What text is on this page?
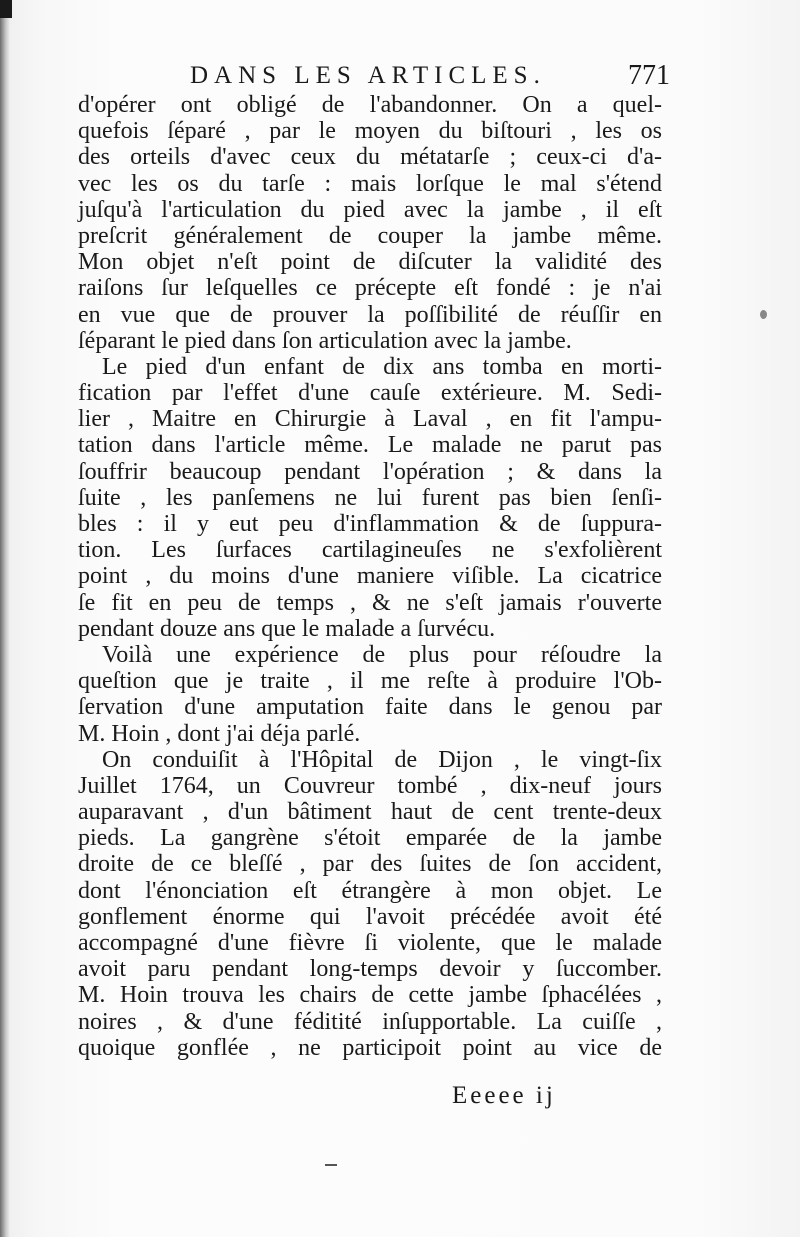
DANS LES ARTICLES.	771
d'opérer ont obligé de l'abandonner. On a quel-
quefois ſéparé , par le moyen du biſtouri , les os
des orteils d'avec ceux du métatarſe ; ceux-ci d'a-
vec les os du tarſe : mais lorſque le mal s'étend
juſqu'à l'articulation du pied avec la jambe , il eſt
preſcrit généralement de couper la jambe même.
Mon objet n'eſt point de diſcuter la validité des
raiſons ſur leſquelles ce précepte eſt fondé : je n'ai
en vue que de prouver la poſſibilité de réuſſir en
ſéparant le pied dans ſon articulation avec la jambe.
Le pied d'un enfant de dix ans tomba en morti-
fication par l'effet d'une cauſe extérieure. M. Sedi-
lier , Maitre en Chirurgie à Laval , en fit l'ampu-
tation dans l'article même. Le malade ne parut pas
ſouffrir beaucoup pendant l'opération ; & dans la
ſuite , les panſemens ne lui furent pas bien ſenſi-
bles : il y eut peu d'inflammation & de ſuppura-
tion. Les ſurfaces cartilagineuſes ne s'exfolièrent
point , du moins d'une maniere viſible. La cicatrice
ſe fit en peu de temps , & ne s'eſt jamais r'ouverte
pendant douze ans que le malade a ſurvécu.
Voilà une expérience de plus pour réſoudre la
queſtion que je traite , il me reſte à produire l'Ob-
ſervation d'une amputation faite dans le genou par
M. Hoin , dont j'ai déja parlé.
On conduiſit à l'Hôpital de Dijon , le vingt-ſix
Juillet 1764, un Couvreur tombé , dix-neuf jours
auparavant , d'un bâtiment haut de cent trente-deux
pieds. La gangrène s'étoit emparée de la jambe
droite de ce bleſſé , par des ſuites de ſon accident,
dont l'énonciation eſt étrangère à mon objet. Le
gonflement énorme qui l'avoit précédée avoit été
accompagné d'une fièvre ſi violente, que le malade
avoit paru pendant long-temps devoir y ſuccomber.
M. Hoin trouva les chairs de cette jambe ſphacélées ,
noires , & d'une féditité inſupportable. La cuiſſe ,
quoique gonflée , ne participoit point au vice de
Eeeee ij
